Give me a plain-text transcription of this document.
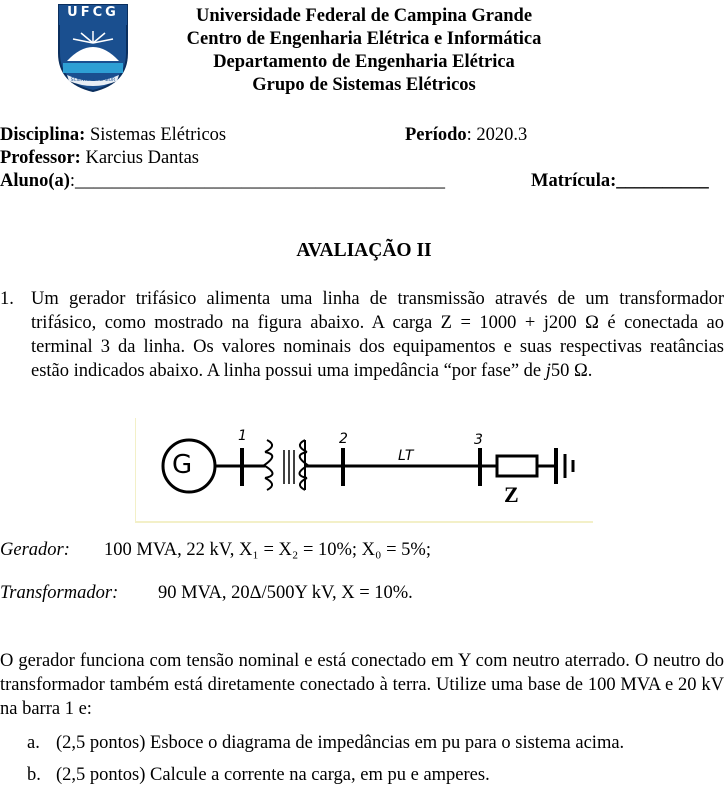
UFCG
SCIENTIA ET LABOR
Universidade Federal de Campina Grande
Centro de Engenharia Elétrica e Informática
Departamento de Engenharia Elétrica
Grupo de Sistemas Elétricos
Disciplina: Sistemas Elétricos	Período: 2020.3
Professor: Karcius Dantas
Aluno(a):________________________________________	Matrícula:__________
AVALIAÇÃO II
1. Um gerador trifásico alimenta uma linha de transmissão através de um transformador trifásico, como mostrado na figura abaixo. A carga Z = 1000 + j200 Ω é conectada ao terminal 3 da linha. Os valores nominais dos equipamentos e suas respectivas reatâncias estão indicados abaixo. A linha possui uma impedância “por fase” de j50 Ω.
G
1	2
LT
3
Z
Gerador: 100 MVA, 22 kV, X₁ = X₂ = 10%; X₀ = 5%;
Transformador: 90 MVA, 20Δ/500Y kV, X = 10%.
O gerador funciona com tensão nominal e está conectado em Y com neutro aterrado. O neutro do transformador também está diretamente conectado à terra. Utilize uma base de 100 MVA e 20 kV na barra 1 e:
a. (2,5 pontos) Esboce o diagrama de impedâncias em pu para o sistema acima.
b. (2,5 pontos) Calcule a corrente na carga, em pu e amperes.
